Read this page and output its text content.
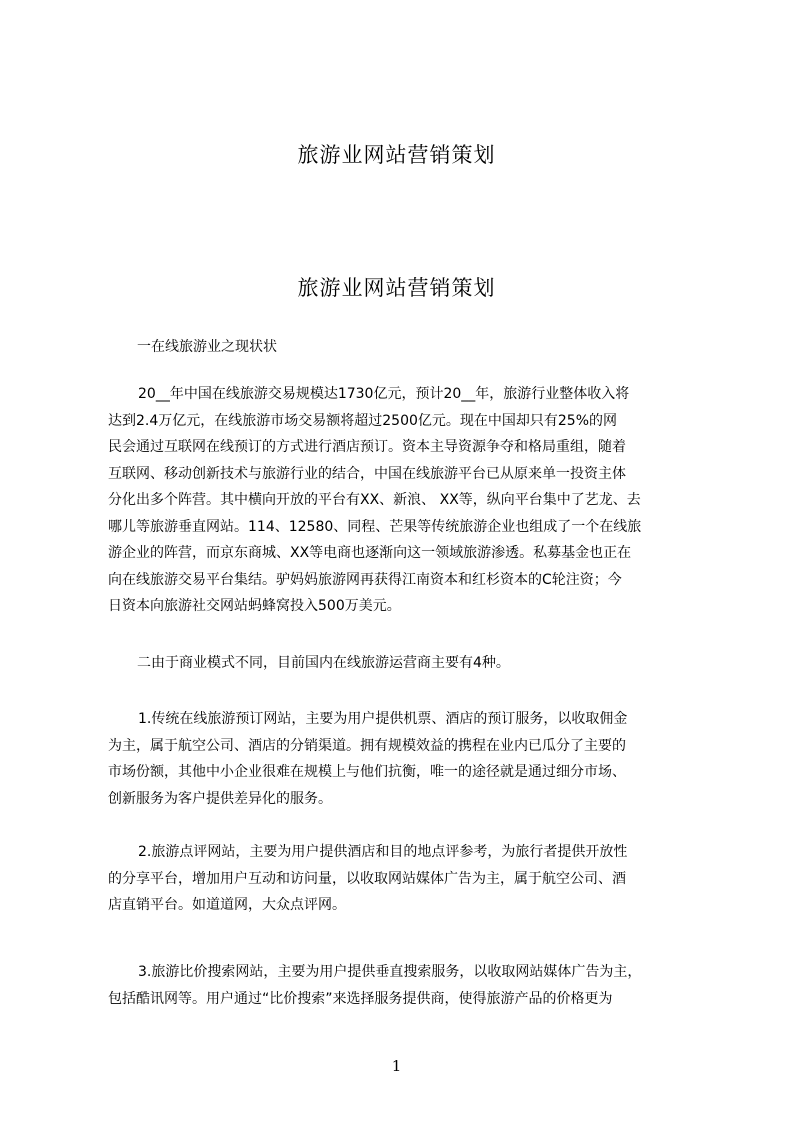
旅游业网站营销策划
旅游业网站营销策划
一在线旅游业之现状状
20__年中国在线旅游交易规模达1730亿元，预计20__年，旅游行业整体收入将
达到2.4万亿元，在线旅游市场交易额将超过2500亿元。现在中国却只有25%的网
民会通过互联网在线预订的方式进行酒店预订。资本主导资源争夺和格局重组，随着
互联网、移动创新技术与旅游行业的结合，中国在线旅游平台已从原来单一投资主体
分化出多个阵营。其中横向开放的平台有XX、新浪、 XX等，纵向平台集中了艺龙、去
哪儿等旅游垂直网站。114、12580、同程、芒果等传统旅游企业也组成了一个在线旅
游企业的阵营，而京东商城、XX等电商也逐渐向这一领域旅游渗透。私募基金也正在
向在线旅游交易平台集结。驴妈妈旅游网再获得江南资本和红杉资本的C轮注资；今
日资本向旅游社交网站蚂蜂窝投入500万美元。
二由于商业模式不同，目前国内在线旅游运营商主要有4种。
1.传统在线旅游预订网站，主要为用户提供机票、酒店的预订服务，以收取佣金
为主，属于航空公司、酒店的分销渠道。拥有规模效益的携程在业内已瓜分了主要的
市场份额，其他中小企业很难在规模上与他们抗衡，唯一的途径就是通过细分市场、
创新服务为客户提供差异化的服务。
2.旅游点评网站，主要为用户提供酒店和目的地点评参考，为旅行者提供开放性
的分享平台，增加用户互动和访问量，以收取网站媒体广告为主，属于航空公司、酒
店直销平台。如道道网，大众点评网。
3.旅游比价搜索网站，主要为用户提供垂直搜索服务，以收取网站媒体广告为主，
包括酷讯网等。用户通过“比价搜索”来选择服务提供商，使得旅游产品的价格更为
1
